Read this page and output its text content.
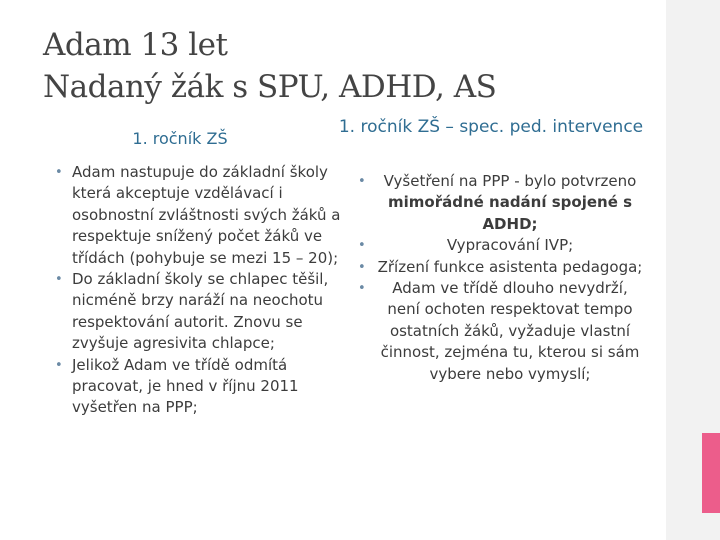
Adam 13 let
Nadaný žák s SPU, ADHD, AS
1. ročník ZŠ
1. ročník ZŠ – spec. ped. intervence
• Adam nastupuje do základní školy která akceptuje vzdělávací i osobnostní zvláštnosti svých žáků a respektuje snížený počet žáků ve třídách (pohybuje se mezi 15 – 20);
• Do základní školy se chlapec těšil, nicméně brzy naráží na neochotu respektování autorit. Znovu se zvyšuje agresivita chlapce;
• Jelikož Adam ve třídě odmítá pracovat, je hned v říjnu 2011 vyšetřen na PPP;
•	Vyšetření na PPP - bylo potvrzeno mimořádné nadání spojené s ADHD;
•	Vypracování IVP;
• Zřízení funkce asistenta pedagoga;
•	Adam ve třídě dlouho nevydrží, není ochoten respektovat tempo ostatních žáků, vyžaduje vlastní činnost, zejména tu, kterou si sám vybere nebo vymyslí;
